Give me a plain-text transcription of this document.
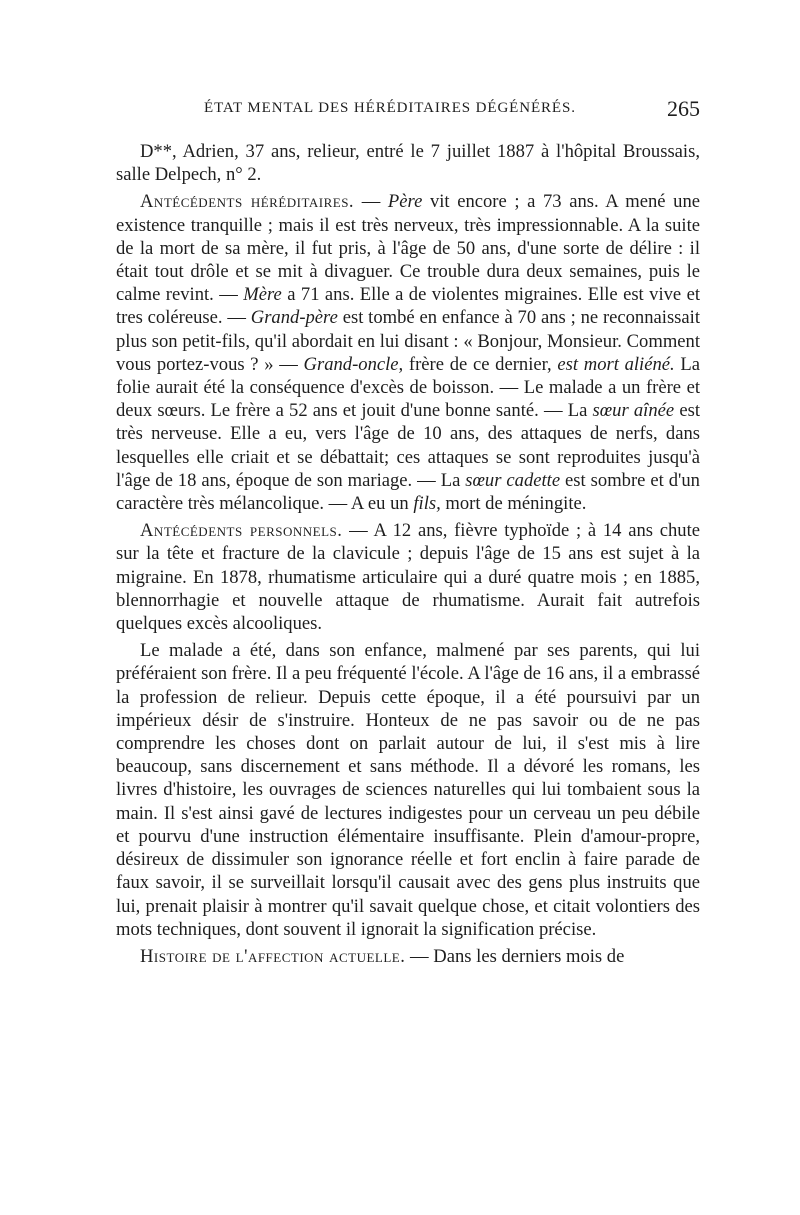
ÉTAT MENTAL DES HÉRÉDITAIRES DÉGÉNÉRÉS.	265

D**, Adrien, 37 ans, relieur, entré le 7 juillet 1887 à l'hôpital Broussais, salle Delpech, n° 2.

Antécédents héréditaires. — Père vit encore ; a 73 ans. A mené une existence tranquille ; mais il est très nerveux, très impressionnable. A la suite de la mort de sa mère, il fut pris, à l'âge de 50 ans, d'une sorte de délire : il était tout drôle et se mit à divaguer. Ce trouble dura deux semaines, puis le calme revint. — Mère a 71 ans. Elle a de violentes migraines. Elle est vive et tres coléreuse. — Grand-père est tombé en enfance à 70 ans ; ne reconnaissait plus son petit-fils, qu'il abordait en lui disant : « Bonjour, Monsieur. Comment vous portez-vous ? » — Grand-oncle, frère de ce dernier, est mort aliéné. La folie aurait été la conséquence d'excès de boisson. — Le malade a un frère et deux sœurs. Le frère a 52 ans et jouit d'une bonne santé. — La sœur aînée est très nerveuse. Elle a eu, vers l'âge de 10 ans, des attaques de nerfs, dans lesquelles elle criait et se débattait; ces attaques se sont reproduites jusqu'à l'âge de 18 ans, époque de son mariage. — La sœur cadette est sombre et d'un caractère très mélancolique. — A eu un fils, mort de méningite.

Antécédents personnels. — A 12 ans, fièvre typhoïde ; à 14 ans chute sur la tête et fracture de la clavicule ; depuis l'âge de 15 ans est sujet à la migraine. En 1878, rhumatisme articulaire qui a duré quatre mois ; en 1885, blennorrhagie et nouvelle attaque de rhumatisme. Aurait fait autrefois quelques excès alcooliques.

Le malade a été, dans son enfance, malmené par ses parents, qui lui préféraient son frère. Il a peu fréquenté l'école. A l'âge de 16 ans, il a embrassé la profession de relieur. Depuis cette époque, il a été poursuivi par un impérieux désir de s'instruire. Honteux de ne pas savoir ou de ne pas comprendre les choses dont on parlait autour de lui, il s'est mis à lire beaucoup, sans discernement et sans méthode. Il a dévoré les romans, les livres d'histoire, les ouvrages de sciences naturelles qui lui tombaient sous la main. Il s'est ainsi gavé de lectures indigestes pour un cerveau un peu débile et pourvu d'une instruction élémentaire insuffisante. Plein d'amour-propre, désireux de dissimuler son ignorance réelle et fort enclin à faire parade de faux savoir, il se surveillait lorsqu'il causait avec des gens plus instruits que lui, prenait plaisir à montrer qu'il savait quelque chose, et citait volontiers des mots techniques, dont souvent il ignorait la signification précise.

Histoire de l'affection actuelle. — Dans les derniers mois de
